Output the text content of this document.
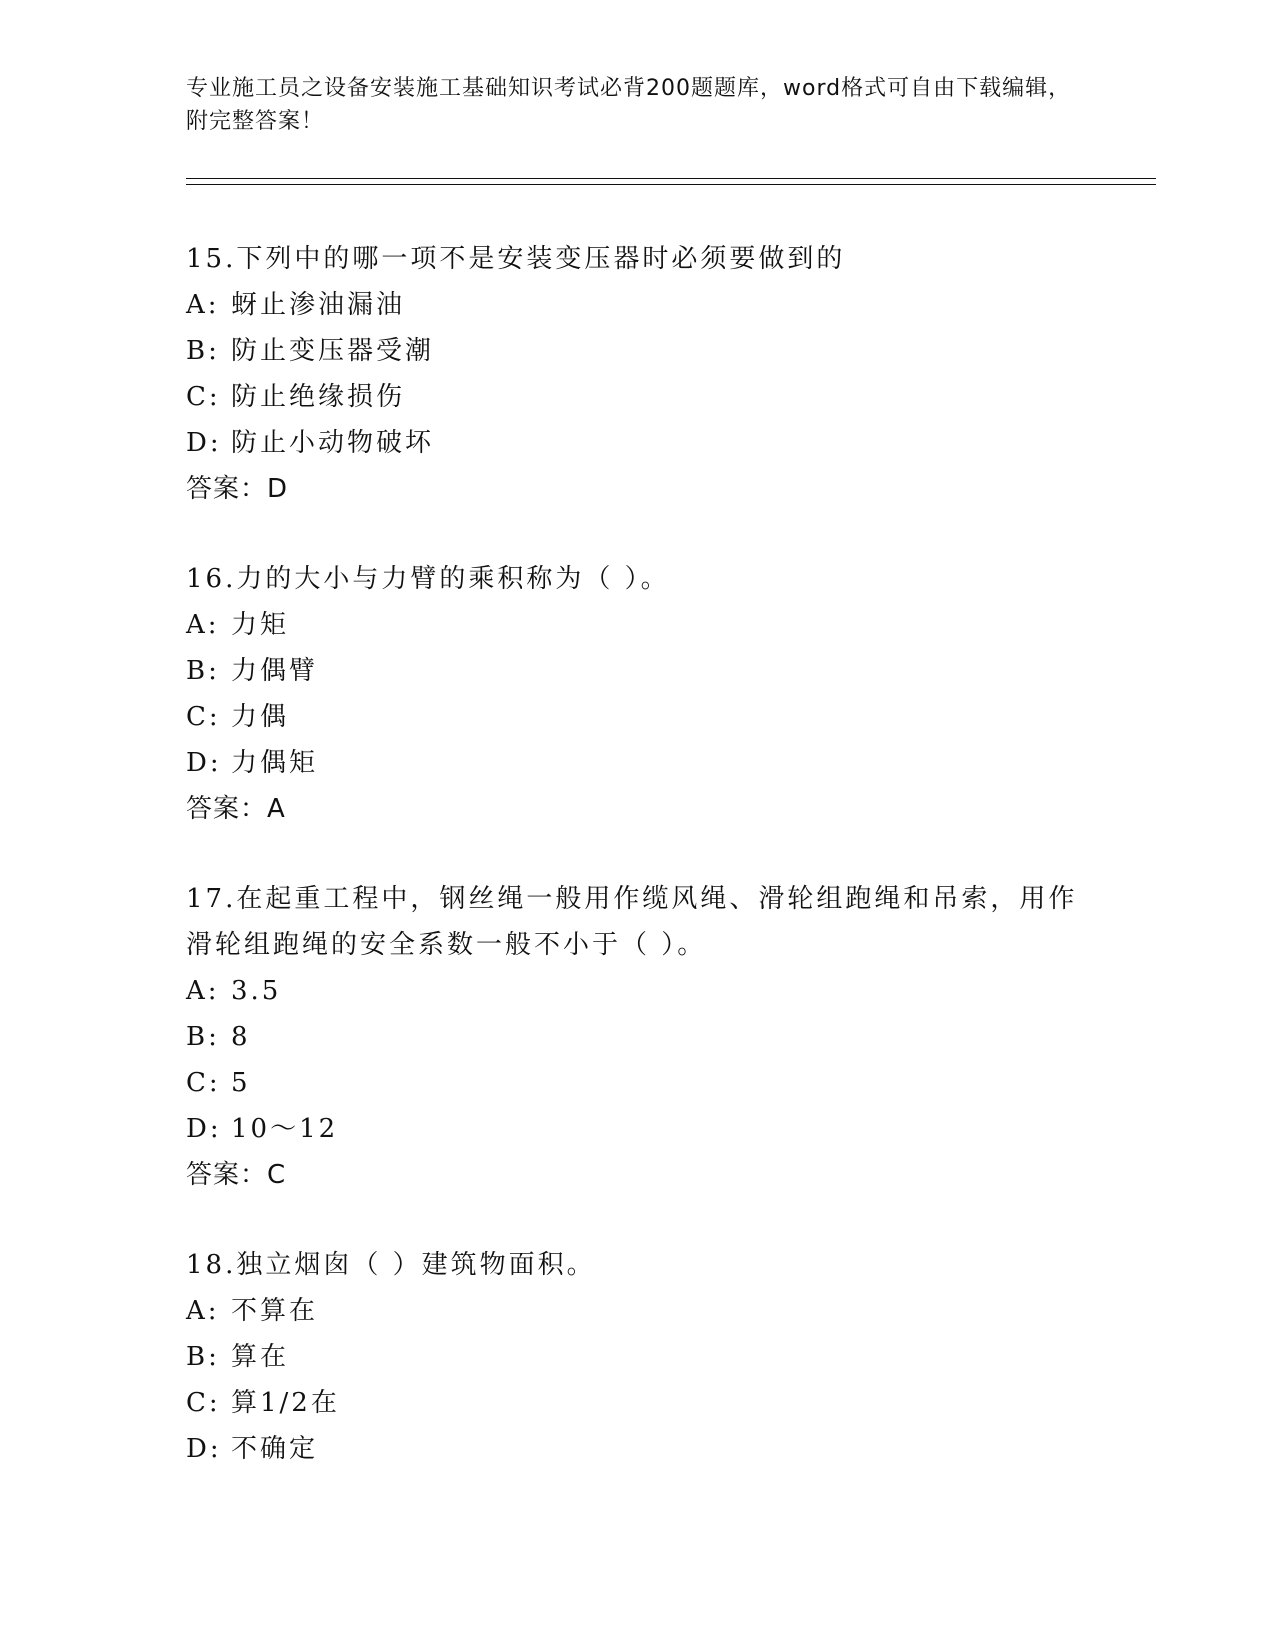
专业施工员之设备安装施工基础知识考试必背200题题库，word格式可自由下载编辑，附完整答案！
15.下列中的哪一项不是安装变压器时必须要做到的
A: 蚜止渗油漏油
B: 防止变压器受潮
C: 防止绝缘损伤
D: 防止小动物破坏
答案：D
16.力的大小与力臂的乘积称为（ ）。
A: 力矩
B: 力偶臂
C: 力偶
D: 力偶矩
答案：A
17.在起重工程中，钢丝绳一般用作缆风绳、滑轮组跑绳和吊索，用作滑轮组跑绳的安全系数一般不小于（ ）。
A: 3.5
B: 8
C: 5
D: 10～12
答案：C
18.独立烟囱（ ）建筑物面积。
A: 不算在
B: 算在
C: 算1/2在
D: 不确定
